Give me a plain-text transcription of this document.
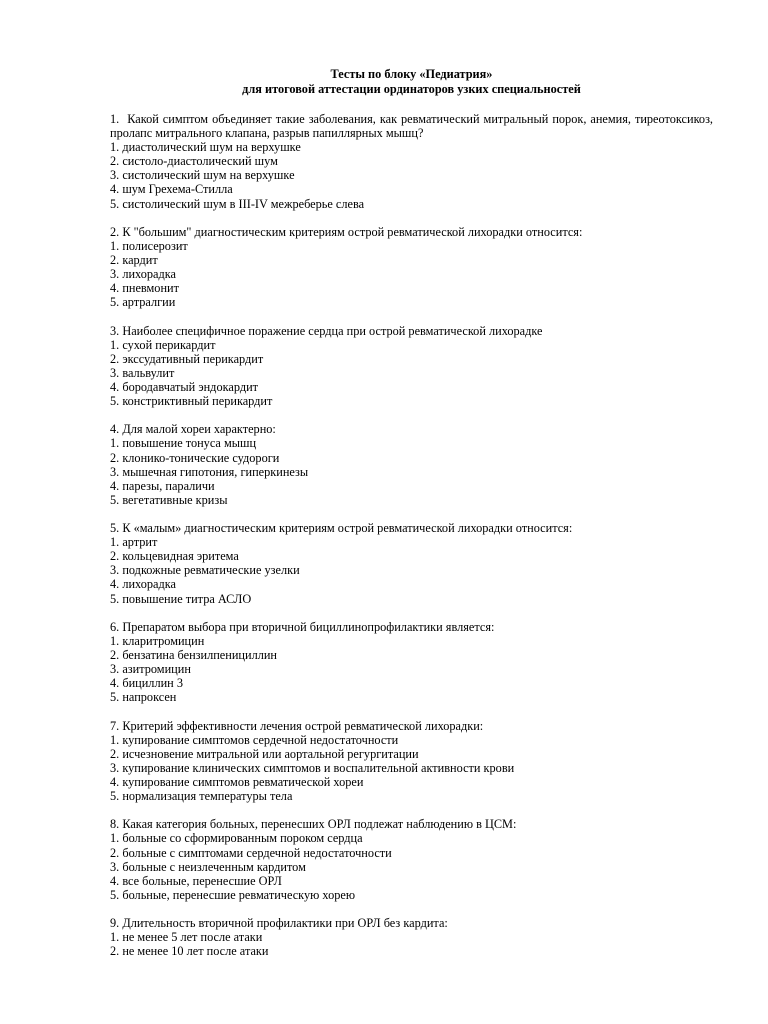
Тесты по блоку «Педиатрия»
для итоговой аттестации ординаторов узких специальностей
1. Какой симптом объединяет такие заболевания, как ревматический митральный порок, анемия, тиреотоксикоз, пролапс митрального клапана, разрыв папиллярных мышц?
1. диастолический шум на верхушке
2. систоло-диастолический шум
3. систолический шум на верхушке
4. шум Грехема-Стилла
5. систолический шум в III-IV межреберье слева
2. К "большим" диагностическим критериям острой ревматической лихорадки относится:
1. полисерозит
2. кардит
3. лихорадка
4. пневмонит
5. артралгии
3. Наиболее специфичное поражение сердца при острой ревматической лихорадке
1. сухой перикардит
2. экссудативный перикардит
3. вальвулит
4. бородавчатый эндокардит
5. констриктивный перикардит
4. Для малой хореи характерно:
1. повышение тонуса мышц
2. клонико-тонические судороги
3. мышечная гипотония, гиперкинезы
4. парезы, параличи
5. вегетативные кризы
5. К «малым» диагностическим критериям острой ревматической лихорадки относится:
1. артрит
2. кольцевидная эритема
3. подкожные ревматические узелки
4. лихорадка
5. повышение титра АСЛО
6. Препаратом выбора при вторичной бициллинопрофилактики является:
1. кларитромицин
2. бензатина бензилпенициллин
3. азитромицин
4. бициллин 3
5. напроксен
7. Критерий эффективности лечения острой ревматической лихорадки:
1. купирование симптомов сердечной недостаточности
2. исчезновение митральной или аортальной регургитации
3. купирование клинических симптомов и воспалительной активности крови
4. купирование симптомов ревматической хореи
5. нормализация температуры тела
8. Какая категория больных, перенесших ОРЛ подлежат наблюдению в ЦСМ:
1. больные со сформированным пороком сердца
2. больные с симптомами сердечной недостаточности
3. больные с неизлеченным кардитом
4. все больные, перенесшие ОРЛ
5. больные, перенесшие ревматическую хорею
9. Длительность вторичной профилактики при ОРЛ без кардита:
1. не менее 5 лет после атаки
2. не менее 10 лет после атаки
